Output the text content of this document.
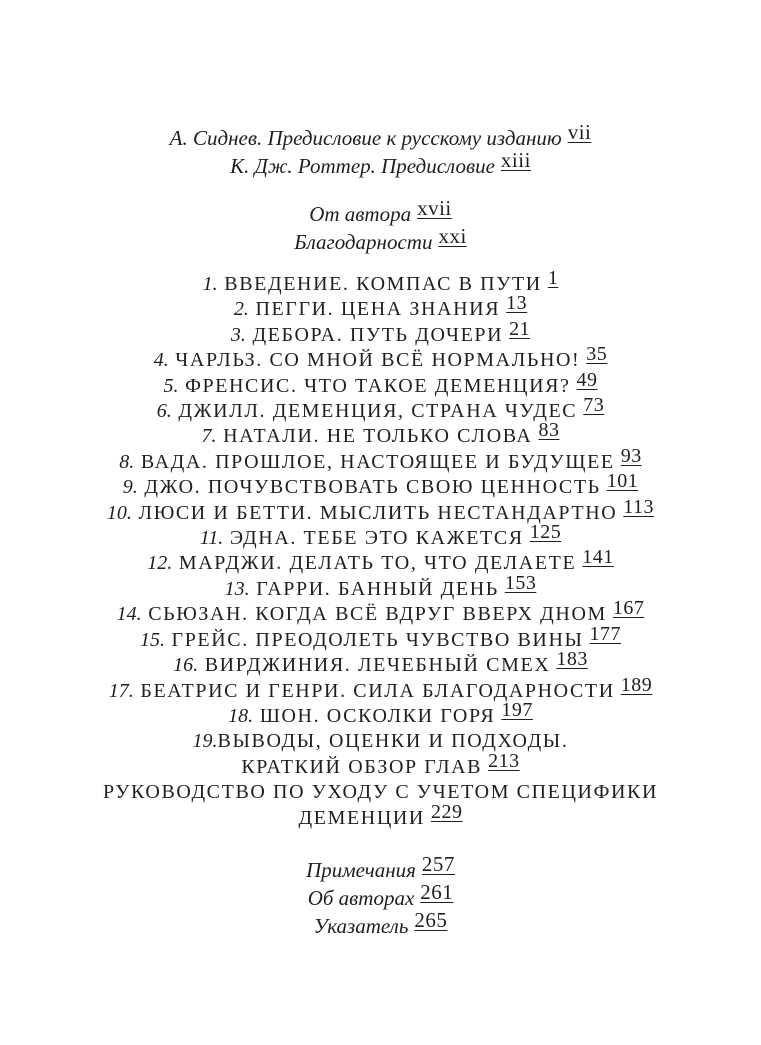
А. Сиднев. Предисловие к русскому изданию vii
К. Дж. Роттер. Предисловие xiii
От автора xvii
Благодарности xxi
1. ВВЕДЕНИЕ. КОМПАС В ПУТИ 1
2. ПЕГГИ. ЦЕНА ЗНАНИЯ 13
3. ДЕБОРА. ПУТЬ ДОЧЕРИ 21
4. ЧАРЛЬЗ. СО МНОЙ ВСЁ НОРМАЛЬНО! 35
5. ФРЕНСИС. ЧТО ТАКОЕ ДЕМЕНЦИЯ? 49
6. ДЖИЛЛ. ДЕМЕНЦИЯ, СТРАНА ЧУДЕС 73
7. НАТАЛИ. НЕ ТОЛЬКО СЛОВА 83
8. ВАДА. ПРОШЛОЕ, НАСТОЯЩЕЕ И БУДУЩЕЕ 93
9. ДЖО. ПОЧУВСТВОВАТЬ СВОЮ ЦЕННОСТЬ 101
10. ЛЮСИ И БЕТТИ. МЫСЛИТЬ НЕСТАНДАРТНО 113
11. ЭДНА. ТЕБЕ ЭТО КАЖЕТСЯ 125
12. МАРДЖИ. ДЕЛАТЬ ТО, ЧТО ДЕЛАЕТЕ 141
13. ГАРРИ. БАННЫЙ ДЕНЬ 153
14. СЬЮЗАН. КОГДА ВСЁ ВДРУГ ВВЕРХ ДНОМ 167
15. ГРЕЙС. ПРЕОДОЛЕТЬ ЧУВСТВО ВИНЫ 177
16. ВИРДЖИНИЯ. ЛЕЧЕБНЫЙ СМЕХ 183
17. БЕАТРИС И ГЕНРИ. СИЛА БЛАГОДАРНОСТИ 189
18. ШОН. ОСКОЛКИ ГОРЯ 197
19.ВЫВОДЫ, ОЦЕНКИ И ПОДХОДЫ.
КРАТКИЙ ОБЗОР ГЛАВ 213
РУКОВОДСТВО ПО УХОДУ С УЧЕТОМ СПЕЦИФИКИ
ДЕМЕНЦИИ 229
Примечания 257
Об авторах 261
Указатель 265
